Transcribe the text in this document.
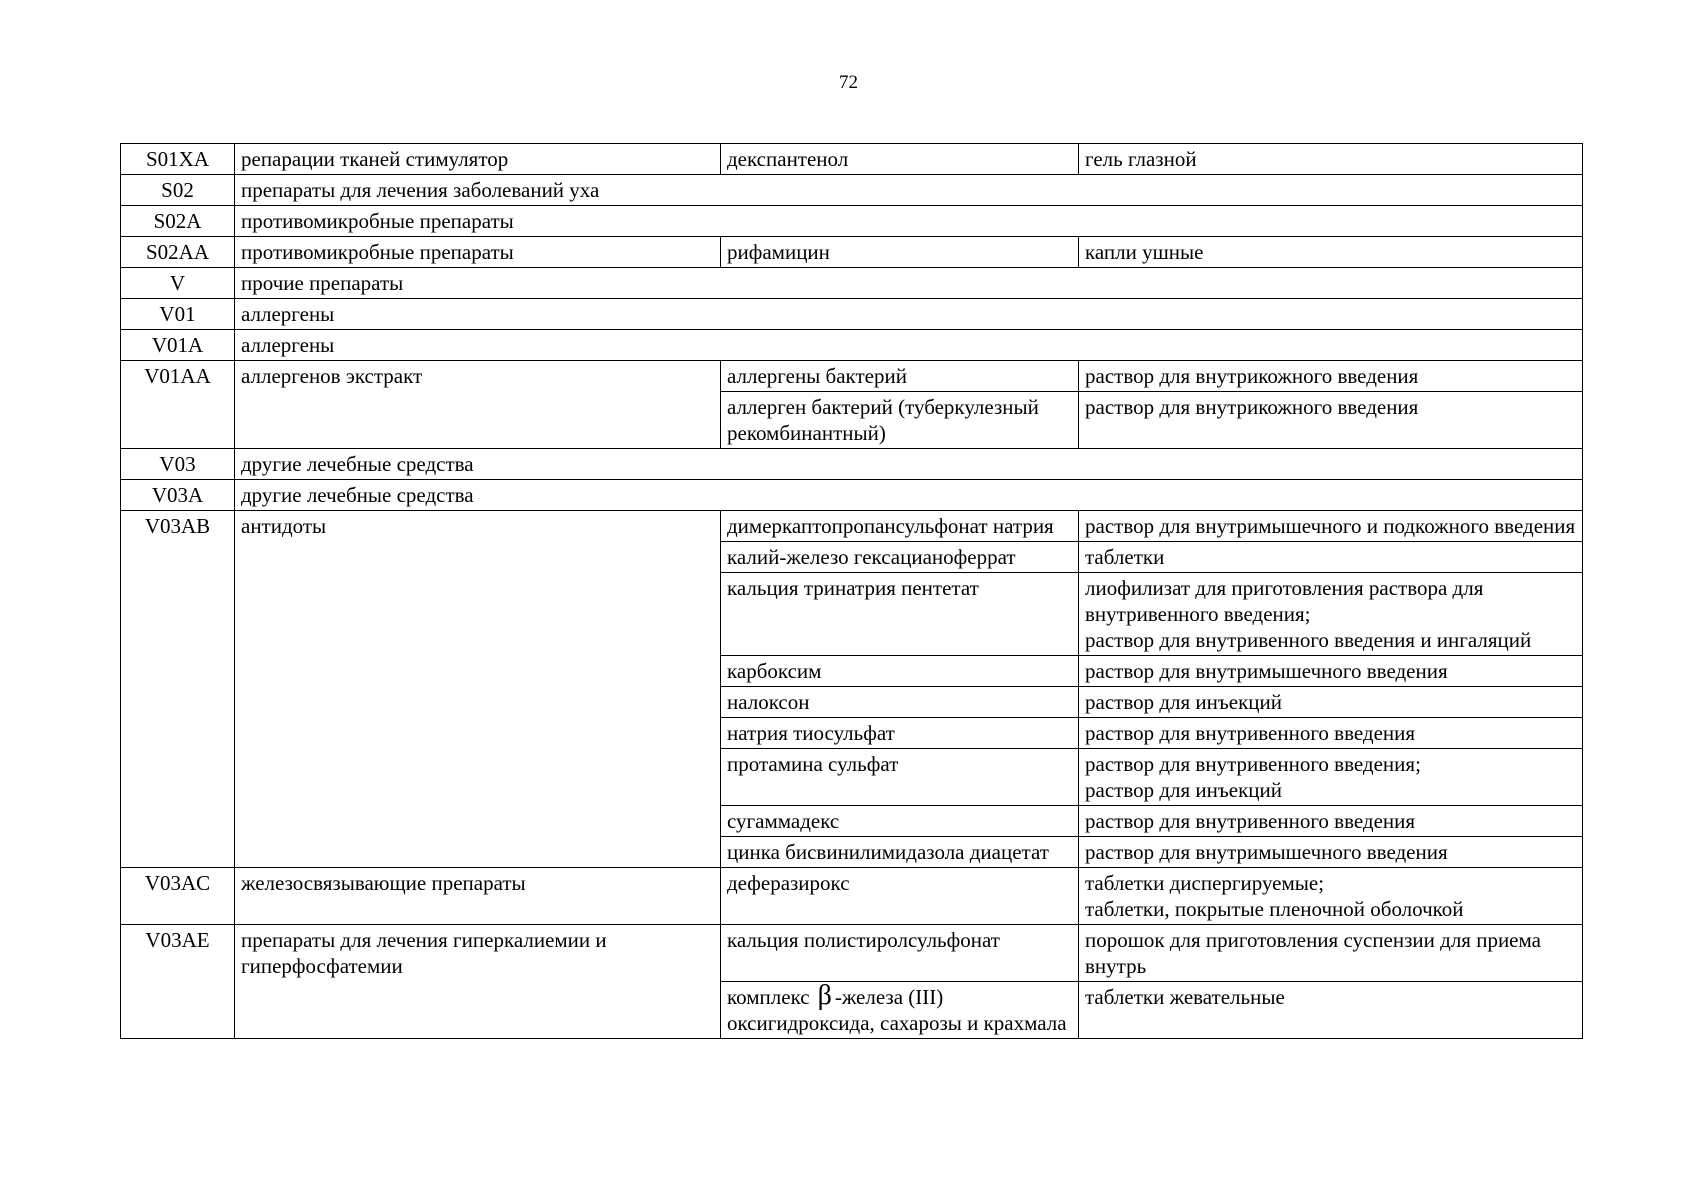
72
S01XA	репарации тканей стимулятор	декспантенол	гель глазной

S02	препараты для лечения заболеваний уха		
S02A	противомикробные препараты		
S02AA	противомикробные препараты	рифамицин	капли ушные

V	прочие препараты		
V01	аллергены		
V01A	аллергены		
V01AA	аллергенов экстракт	аллергены бактерий	раствор для внутрикожного введения

		аллерген бактерий (туберкулезный рекомбинантный)	раствор для внутрикожного введения

V03	другие лечебные средства		
V03A	другие лечебные средства		
V03AB	антидоты	димеркаптопропансульфонат натрия	раствор для внутримышечного и подкожного введения

		калий-железо гексацианоферрат	таблетки

		кальция тринатрия пентетат	лиофилизат для приготовления раствора для внутривенного введения;
раствор для внутривенного введения и ингаляций

		карбоксим	раствор для внутримышечного введения

		налоксон	раствор для инъекций

		натрия тиосульфат	раствор для внутривенного введения

		протамина сульфат	раствор для внутривенного введения;
раствор для инъекций

		сугаммадекс	раствор для внутривенного введения

		цинка бисвинилимидазола диацетат	раствор для внутримышечного введения

V03AC	железосвязывающие препараты	деферазирокс	таблетки диспергируемые;
таблетки, покрытые пленочной оболочкой

V03AE	препараты для лечения гиперкалиемии и гиперфосфатемии	кальция полистиролсульфонат	порошок для приготовления суспензии для приема внутрь

		комплекс β -железа (III) оксигидроксида, сахарозы и крахмала	таблетки жевательные
